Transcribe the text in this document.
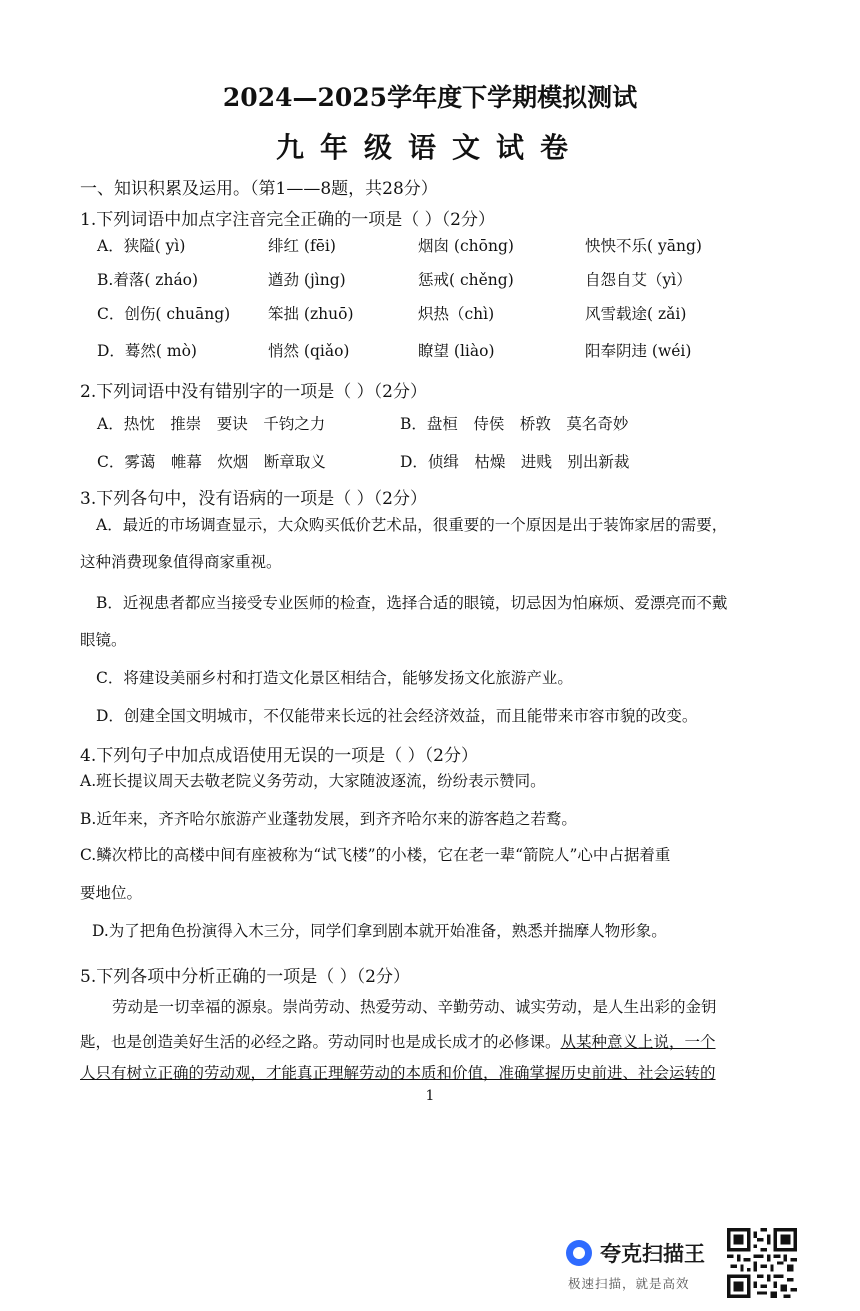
2024—2025学年度下学期模拟测试
九年级语文试卷
一、知识积累及运用。（第1——8题，共28分）
1.下列词语中加点字注音完全正确的一项是（ ）（2分）
A．狭隘( yì)	绯红 (fēi)	烟囱 (chōng)	怏怏不乐( yāng)
B.着落( zháo)	遒劲 (jìng)	惩戒( chěng)	自怨自艾（yì）
C．创伤( chuāng) 笨拙 (zhuō)	炽热（chì)	风雪载途( zǎi)
D．蓦然( mò)	悄然 (qiǎo)	瞭望 (liào)	阳奉阴违 (wéi)
2.下列词语中没有错别字的一项是（ ）（2分）
A．热忱　推崇　要诀　千钧之力	B．盘桓　侍侯　桥敦　莫名奇妙
C．雾蔼　帷幕　炊烟　断章取义	D．侦缉　枯燥　进贱　别出新裁
3.下列各句中，没有语病的一项是（ ）（2分）
A．最近的市场调查显示，大众购买低价艺术品，很重要的一个原因是出于装饰家居的需要，
这种消费现象值得商家重视。
B．近视患者都应当接受专业医师的检查，选择合适的眼镜，切忌因为怕麻烦、爱漂亮而不戴
眼镜。
C．将建设美丽乡村和打造文化景区相结合，能够发扬文化旅游产业。
D．创建全国文明城市，不仅能带来长远的社会经济效益，而且能带来市容市貌的改变。
4.下列句子中加点成语使用无误的一项是（ ）（2分）
A.班长提议周天去敬老院义务劳动，大家随波逐流，纷纷表示赞同。
B.近年来，齐齐哈尔旅游产业蓬勃发展，到齐齐哈尔来的游客趋之若鹜。
C.鳞次栉比的高楼中间有座被称为“试飞楼”的小楼，它在老一辈“箭院人”心中占据着重
要地位。
D.为了把角色扮演得入木三分，同学们拿到剧本就开始准备，熟悉并揣摩人物形象。
5.下列各项中分析正确的一项是（ ）（2分）
劳动是一切幸福的源泉。崇尚劳动、热爱劳动、辛勤劳动、诚实劳动，是人生出彩的金钥
匙，也是创造美好生活的必经之路。劳动同时也是成长成才的必修课。从某种意义上说，一个
人只有树立正确的劳动观，才能真正理解劳动的本质和价值，准确掌握历史前进、社会运转的
1
夸克扫描王
极速扫描，就是高效
